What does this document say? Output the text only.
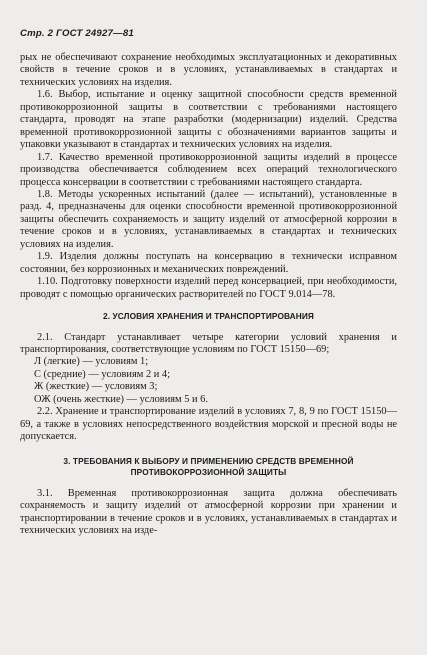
Стр. 2 ГОСТ 24927—81

рых не обеспечивают сохранение необходимых эксплуатационных и декоративных свойств в течение сроков и в условиях, устанавливаемых в стандартах и технических условиях на изделия.

1.6. Выбор, испытание и оценку защитной способности средств временной противокоррозионной защиты в соответствии с требованиями настоящего стандарта, проводят на этапе разработки (модернизации) изделий. Средства временной противокоррозионной защиты с обозначениями вариантов защиты и упаковки указывают в стандартах и технических условиях на изделия.

1.7. Качество временной противокоррозионной защиты изделий в процессе производства обеспечивается соблюдением всех операций технологического процесса консервации в соответствии с требованиями настоящего стандарта.

1.8. Методы ускоренных испытаний (далее — испытаний), установленные в разд. 4, предназначены для оценки способности временной противокоррозионной защиты обеспечить сохраняемость и защиту изделий от атмосферной коррозии в течение сроков и в условиях, устанавливаемых в стандартах и технических условиях на изделия.

1.9. Изделия должны поступать на консервацию в технически исправном состоянии, без коррозионных и механических повреждений.

1.10. Подготовку поверхности изделий перед консервацией, при необходимости, проводят с помощью органических растворителей по ГОСТ 9.014—78.

2. УСЛОВИЯ ХРАНЕНИЯ И ТРАНСПОРТИРОВАНИЯ

2.1. Стандарт устанавливает четыре категории условий хранения и транспортирования, соответствующие условиям по ГОСТ 15150—69;

Л (легкие) — условиям 1;

С (средние) — условиям 2 и 4;

Ж (жесткие) — условиям 3;

ОЖ (очень жесткие) — условиям 5 и 6.

2.2. Хранение и транспортирование изделий в условиях 7, 8, 9 по ГОСТ 15150—69, а также в условиях непосредственного воздействия морской и пресной воды не допускается.

3. ТРЕБОВАНИЯ К ВЫБОРУ И ПРИМЕНЕНИЮ СРЕДСТВ ВРЕМЕННОЙ
ПРОТИВОКОРРОЗИОННОЙ ЗАЩИТЫ

3.1. Временная противокоррозионная защита должна обеспечивать сохраняемость и защиту изделий от атмосферной коррозии при хранении и транспортировании в течение сроков и в условиях, устанавливаемых в стандартах и технических условиях на изде-
